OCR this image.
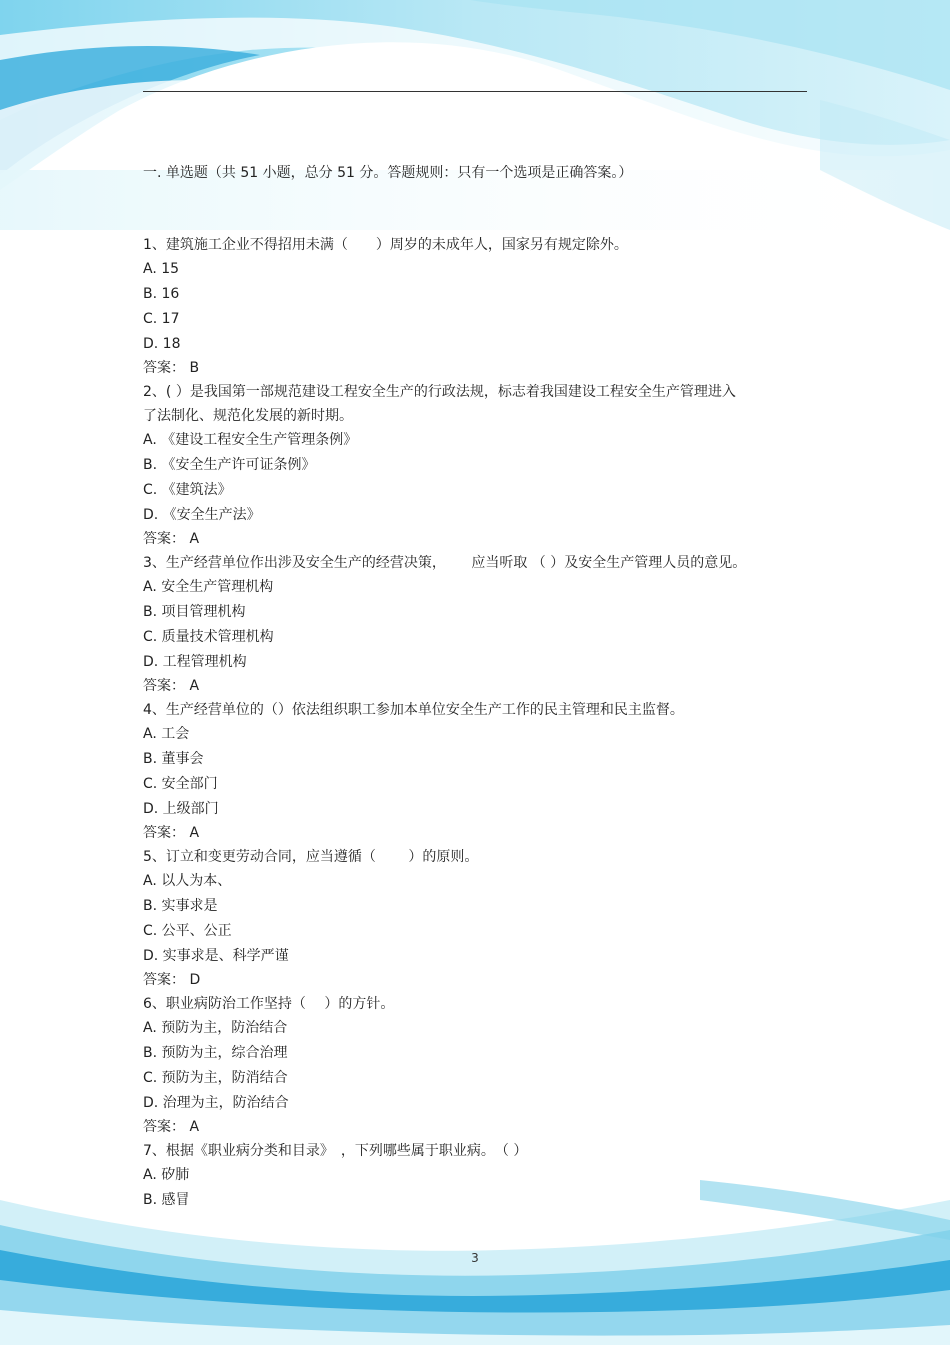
一. 单选题（共 51 小题，总分 51 分。答题规则：只有一个选项是正确答案。）
1、建筑施工企业不得招用未满（　　）周岁的未成年人，国家另有规定除外。
A. 15
B. 16
C. 17
D. 18
答案： B
2、( ）是我国第一部规范建设工程安全生产的行政法规，标志着我国建设工程安全生产管理进入了法制化、规范化发展的新时期。
A. 《建设工程安全生产管理条例》
B. 《安全生产许可证条例》
C. 《建筑法》
D. 《安全生产法》
答案： A
3、生产经营单位作出涉及安全生产的经营决策，　　 应当听取 （ ）及安全生产管理人员的意见。
A. 安全生产管理机构
B. 项目管理机构
C. 质量技术管理机构
D. 工程管理机构
答案： A
4、生产经营单位的（）依法组织职工参加本单位安全生产工作的民主管理和民主监督。
A. 工会
B. 董事会
C. 安全部门
D. 上级部门
答案： A
5、订立和变更劳动合同，应当遵循（　　 ）的原则。
A. 以人为本、
B. 实事求是
C. 公平、公正
D. 实事求是、科学严谨
答案： D
6、职业病防治工作坚持（　 ）的方针。
A. 预防为主，防治结合
B. 预防为主，综合治理
C. 预防为主，防消结合
D. 治理为主，防治结合
答案： A
7、根据《职业病分类和目录》　，下列哪些属于职业病。　（ ）
A. 矽肺
B. 感冒
3
